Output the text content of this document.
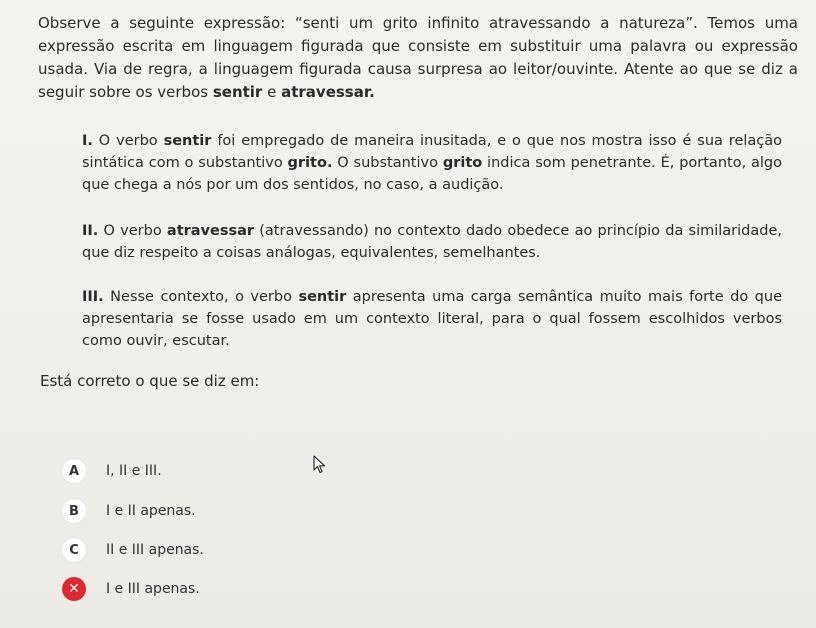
Observe a seguinte expressão: “senti um grito infinito atravessando a natureza”. Temos uma expressão escrita em linguagem figurada que consiste em substituir uma palavra ou expressão usada. Via de regra, a linguagem figurada causa surpresa ao leitor/ouvinte. Atente ao que se diz a seguir sobre os verbos sentir e atravessar.

I. O verbo sentir foi empregado de maneira inusitada, e o que nos mostra isso é sua relação sintática com o substantivo grito. O substantivo grito indica som penetrante. É, portanto, algo que chega a nós por um dos sentidos, no caso, a audição.

II. O verbo atravessar (atravessando) no contexto dado obedece ao princípio da similaridade, que diz respeito a coisas análogas, equivalentes, semelhantes.

III. Nesse contexto, o verbo sentir apresenta uma carga semântica muito mais forte do que apresentaria se fosse usado em um contexto literal, para o qual fossem escolhidos verbos como ouvir, escutar.

Está correto o que se diz em:

A	I, II e III.
B	I e II apenas.
C	II e III apenas.
✕	I e III apenas.
